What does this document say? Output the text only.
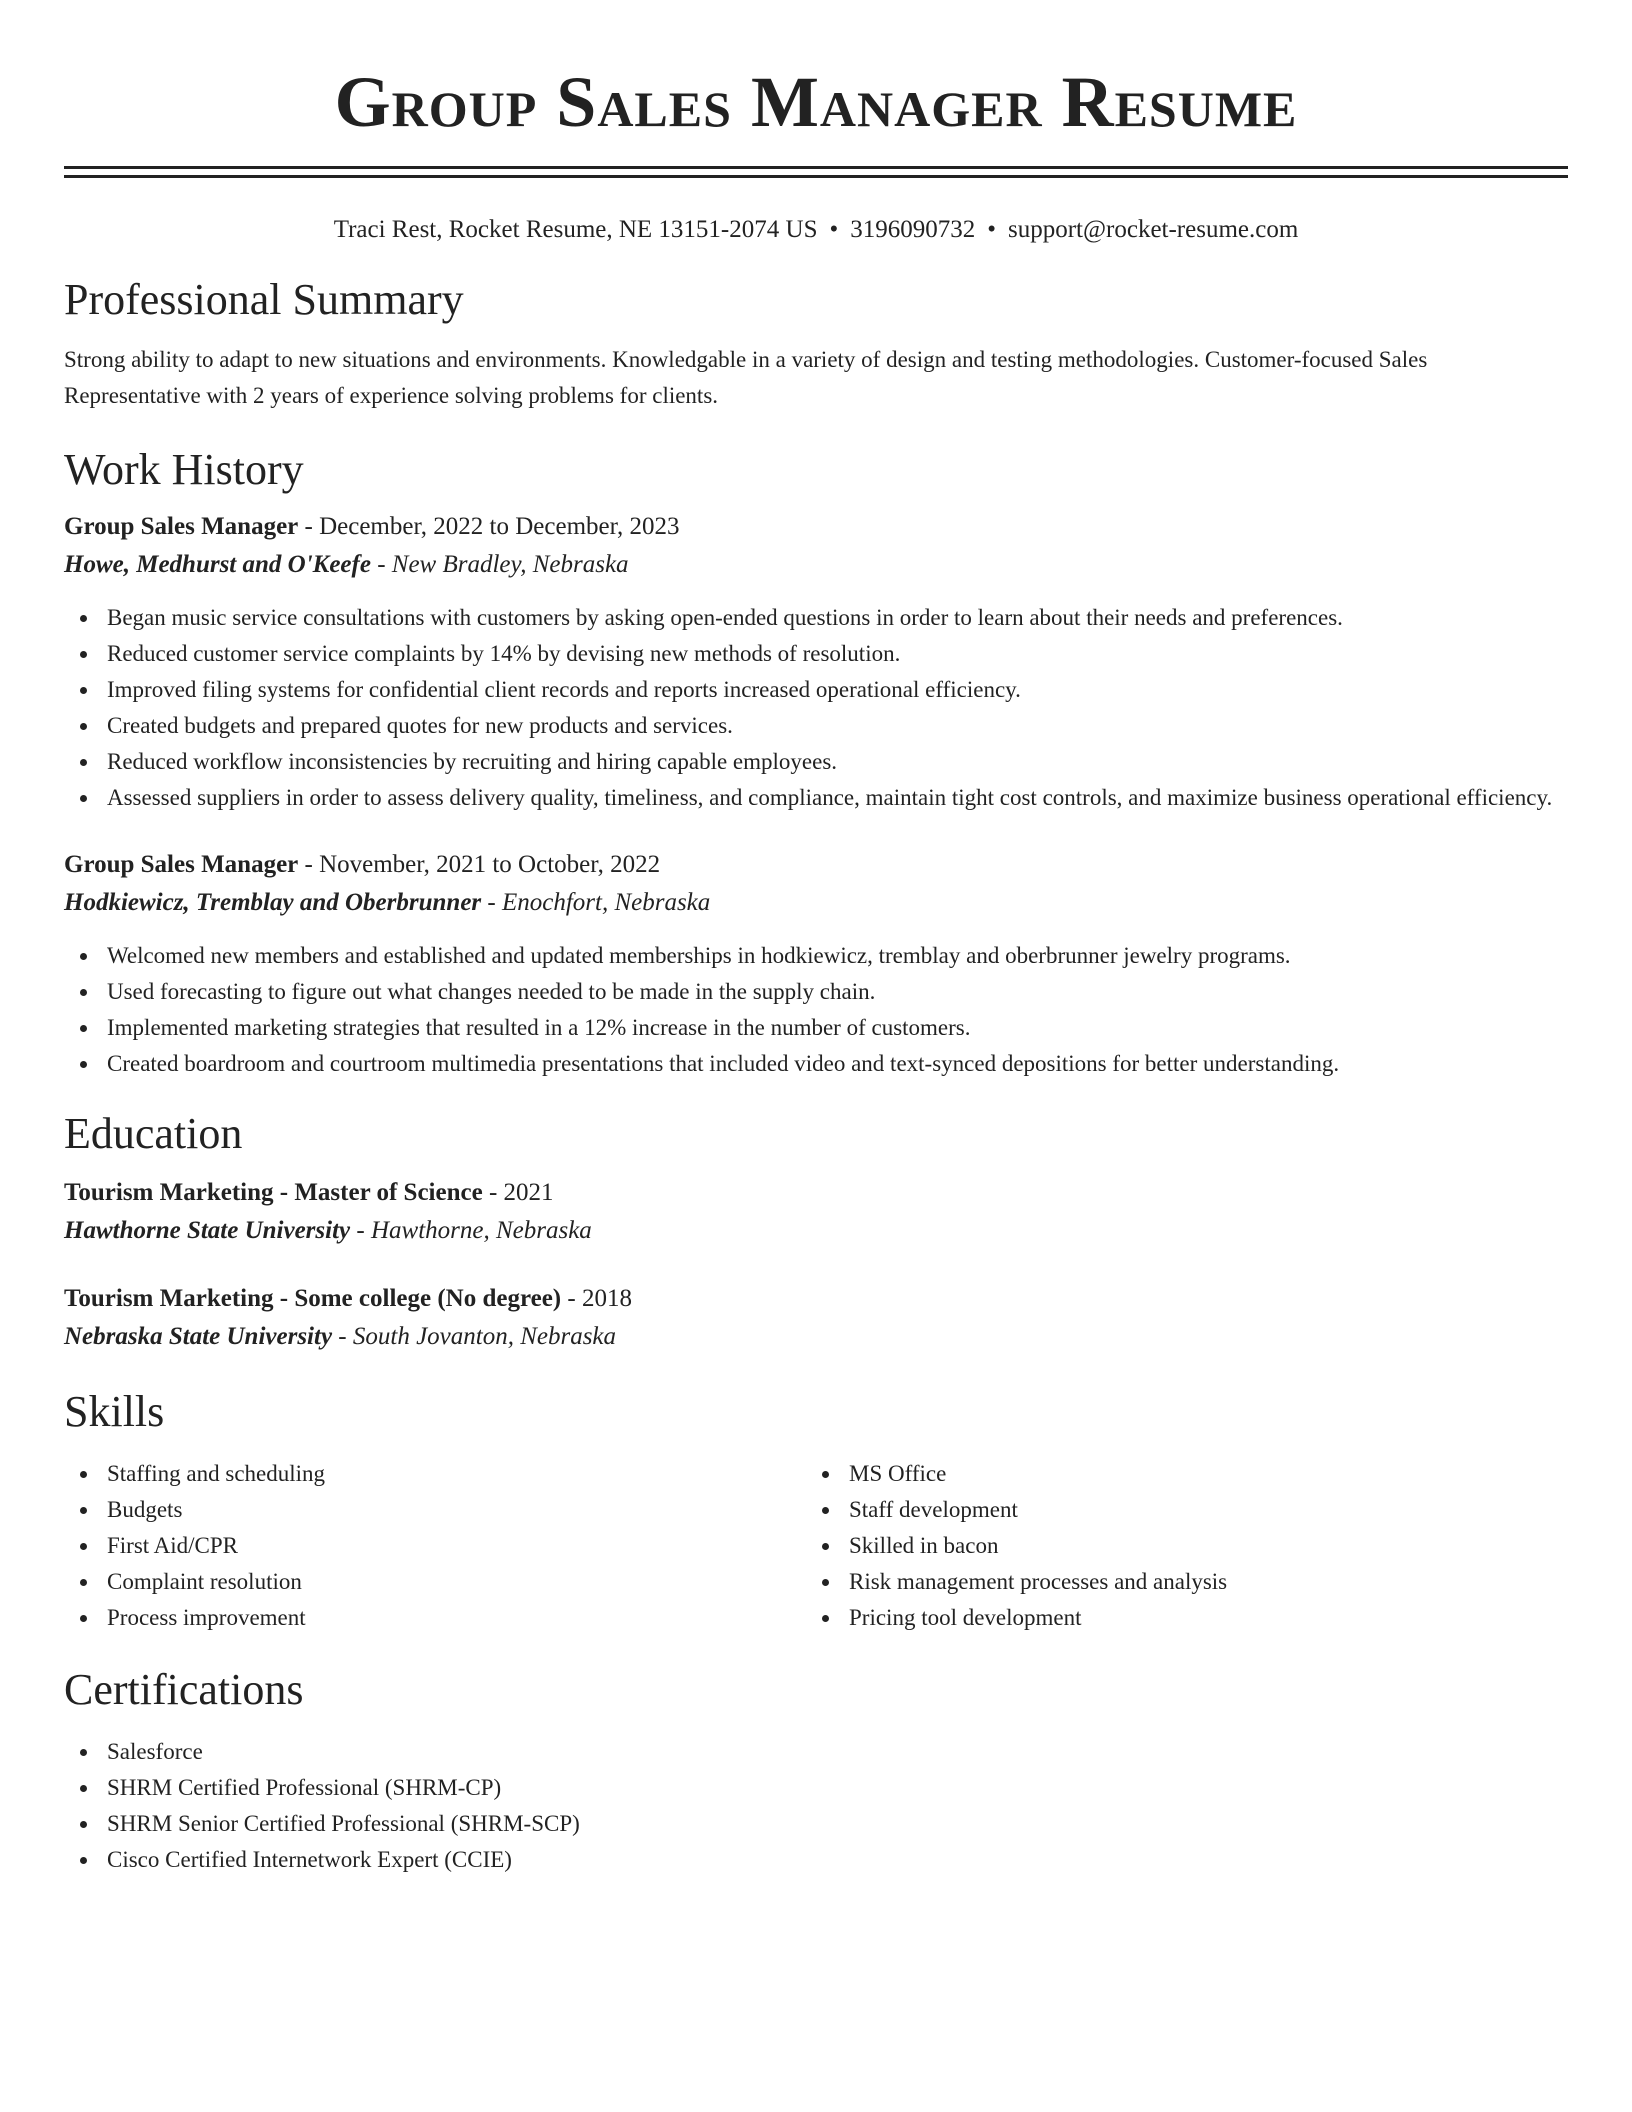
Group Sales Manager Resume
Traci Rest, Rocket Resume, NE 13151-2074 US • 3196090732 • support@rocket-resume.com
Professional Summary
Strong ability to adapt to new situations and environments. Knowledgable in a variety of design and testing methodologies. Customer-focused Sales Representative with 2 years of experience solving problems for clients.
Work History
Group Sales Manager - December, 2022 to December, 2023
Howe, Medhurst and O'Keefe - New Bradley, Nebraska
Began music service consultations with customers by asking open-ended questions in order to learn about their needs and preferences.
Reduced customer service complaints by 14% by devising new methods of resolution.
Improved filing systems for confidential client records and reports increased operational efficiency.
Created budgets and prepared quotes for new products and services.
Reduced workflow inconsistencies by recruiting and hiring capable employees.
Assessed suppliers in order to assess delivery quality, timeliness, and compliance, maintain tight cost controls, and maximize business operational efficiency.
Group Sales Manager - November, 2021 to October, 2022
Hodkiewicz, Tremblay and Oberbrunner - Enochfort, Nebraska
Welcomed new members and established and updated memberships in hodkiewicz, tremblay and oberbrunner jewelry programs.
Used forecasting to figure out what changes needed to be made in the supply chain.
Implemented marketing strategies that resulted in a 12% increase in the number of customers.
Created boardroom and courtroom multimedia presentations that included video and text-synced depositions for better understanding.
Education
Tourism Marketing - Master of Science - 2021
Hawthorne State University - Hawthorne, Nebraska
Tourism Marketing - Some college (No degree) - 2018
Nebraska State University - South Jovanton, Nebraska
Skills
Staffing and scheduling
Budgets
First Aid/CPR
Complaint resolution
Process improvement
MS Office
Staff development
Skilled in bacon
Risk management processes and analysis
Pricing tool development
Certifications
Salesforce
SHRM Certified Professional (SHRM-CP)
SHRM Senior Certified Professional (SHRM-SCP)
Cisco Certified Internetwork Expert (CCIE)
